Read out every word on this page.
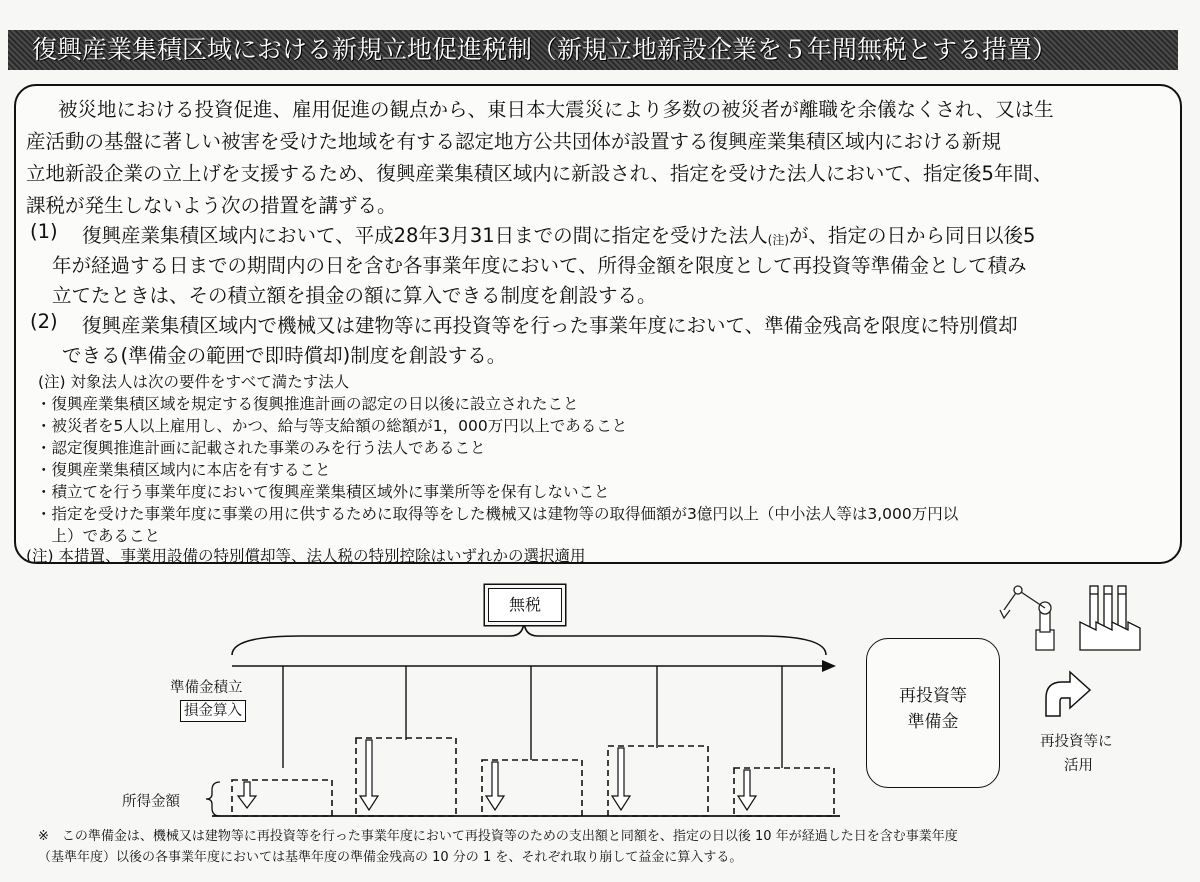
復興産業集積区域における新規立地促進税制（新規立地新設企業を５年間無税とする措置）
被災地における投資促進、雇用促進の観点から、東日本大震災により多数の被災者が離職を余儀なくされ、又は生
産活動の基盤に著しい被害を受けた地域を有する認定地方公共団体が設置する復興産業集積区域内における新規
立地新設企業の立上げを支援するため、復興産業集積区域内に新設され、指定を受けた法人において、指定後5年間、
課税が発生しないよう次の措置を講ずる。
(1) 復興産業集積区域内において、平成28年3月31日までの間に指定を受けた法人(注)が、指定の日から同日以後5
年が経過する日までの期間内の日を含む各事業年度において、所得金額を限度として再投資等準備金として積み
立てたときは、その積立額を損金の額に算入できる制度を創設する。
(2) 復興産業集積区域内で機械又は建物等に再投資等を行った事業年度において、準備金残高を限度に特別償却
できる(準備金の範囲で即時償却)制度を創設する。
(注) 対象法人は次の要件をすべて満たす法人
・復興産業集積区域を規定する復興推進計画の認定の日以後に設立されたこと
・被災者を5人以上雇用し、かつ、給与等支給額の総額が1，000万円以上であること
・認定復興推進計画に記載された事業のみを行う法人であること
・復興産業集積区域内に本店を有すること
・積立てを行う事業年度において復興産業集積区域外に事業所等を保有しないこと
・指定を受けた事業年度に事業の用に供するために取得等をした機械又は建物等の取得価額が3億円以上（中小法人等は3,000万円以
　上）であること
(注) 本措置、事業用設備の特別償却等、法人税の特別控除はいずれかの選択適用
無税
準備金積立
損金算入
所得金額
再投資等
準備金
再投資等に
活用
※　この準備金は、機械又は建物等に再投資等を行った事業年度において再投資等のための支出額と同額を、指定の日以後 10 年が経過した日を含む事業年度
（基準年度）以後の各事業年度においては基準年度の準備金残高の 10 分の 1 を、それぞれ取り崩して益金に算入する。
